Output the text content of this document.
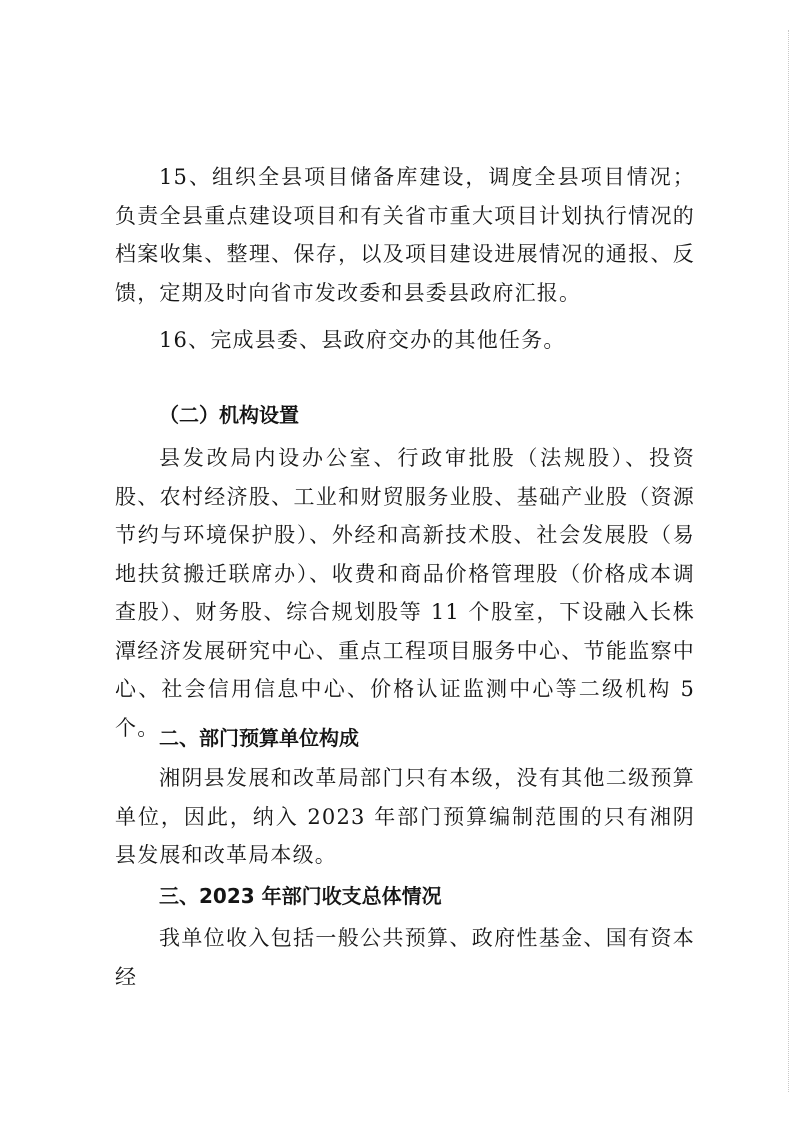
15、组织全县项目储备库建设，调度全县项目情况；负责全县重点建设项目和有关省市重大项目计划执行情况的档案收集、整理、保存，以及项目建设进展情况的通报、反馈，定期及时向省市发改委和县委县政府汇报。

16、完成县委、县政府交办的其他任务。

（二）机构设置

县发改局内设办公室、行政审批股（法规股）、投资股、农村经济股、工业和财贸服务业股、基础产业股（资源节约与环境保护股）、外经和高新技术股、社会发展股（易地扶贫搬迁联席办）、收费和商品价格管理股（价格成本调查股）、财务股、综合规划股等 11 个股室，下设融入长株潭经济发展研究中心、重点工程项目服务中心、节能监察中心、社会信用信息中心、价格认证监测中心等二级机构 5 个。 二、部门预算单位构成

湘阴县发展和改革局部门只有本级，没有其他二级预算单位，因此，纳入 2023 年部门预算编制范围的只有湘阴县发展和改革局本级。

三、2023 年部门收支总体情况

我单位收入包括一般公共预算、政府性基金、国有资本经
